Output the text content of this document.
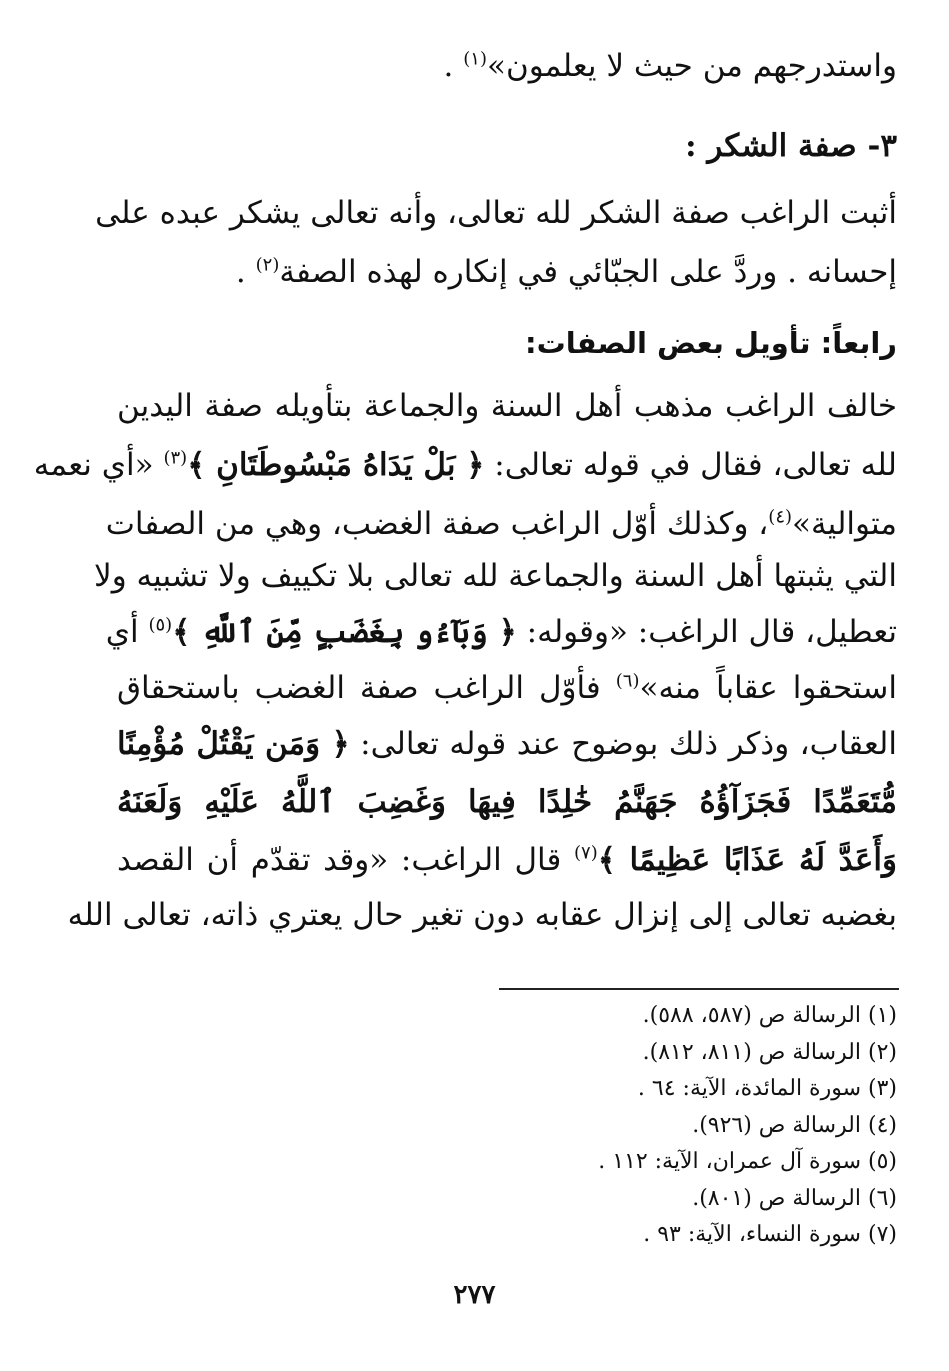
واستدرجهم من حيث لا يعلمون»$^{(١)}$ .
٣- صفة الشكر :
أثبت الراغب صفة الشكر لله تعالى، وأنه تعالى يشكر عبده على
إحسانه . وردَّ على الجبّائي في إنكاره لهذه الصفة$^{(٢)}$ .
رابعاً: تأويل بعض الصفات:
خالف الراغب مذهب أهل السنة والجماعة بتأويله صفة اليدين
لله تعالى، فقال في قوله تعالى: ﴿ بَلْ يَدَاهُ مَبْسُوطَتَانِ ﴾$^{(٣)}$ «أي نعمه
متوالية»$^{(٤)}$، وكذلك أوّل الراغب صفة الغضب، وهي من الصفات
التي يثبتها أهل السنة والجماعة لله تعالى بلا تكييف ولا تشبيه ولا
تعطيل، قال الراغب: «وقوله: ﴿ وَبَآءُو بِغَضَبٍ مِّنَ ٱللَّهِ ﴾$^{(٥)}$ أي
استحقوا عقاباً منه»$^{(٦)}$ فأوّل الراغب صفة الغضب باستحقاق
العقاب، وذكر ذلك بوضوح عند قوله تعالى: ﴿ وَمَن يَقْتُلْ مُؤْمِنًا
مُّتَعَمِّدًا فَجَزَآؤُهُ جَهَنَّمُ خَٰلِدًا فِيهَا وَغَضِبَ ٱللَّهُ عَلَيْهِ وَلَعَنَهُ
وَأَعَدَّ لَهُ عَذَابًا عَظِيمًا ﴾$^{(٧)}$ قال الراغب: «وقد تقدّم أن القصد
بغضبه تعالى إلى إنزال عقابه دون تغير حال يعتري ذاته، تعالى الله
(١) الرسالة ص (٥٨٧، ٥٨٨).
(٢) الرسالة ص (٨١١، ٨١٢).
(٣) سورة المائدة، الآية: ٦٤ .
(٤) الرسالة ص (٩٢٦).
(٥) سورة آل عمران، الآية: ١١٢ .
(٦) الرسالة ص (٨٠١).
(٧) سورة النساء، الآية: ٩٣ .
٢٧٧
